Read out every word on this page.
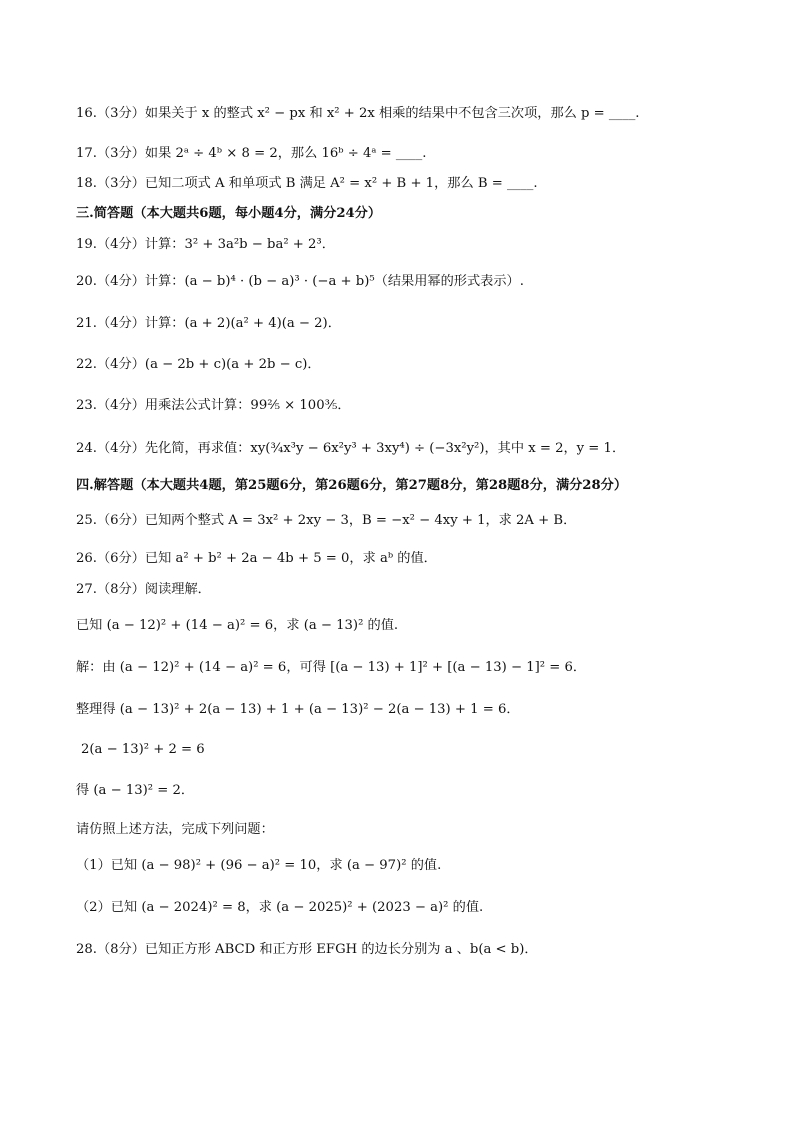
16.（3分）如果关于 x 的整式 x² − px 和 x² + 2x 相乘的结果中不包含三次项，那么 p = ____.
17.（3分）如果 2ᵃ ÷ 4ᵇ × 8 = 2，那么 16ᵇ ÷ 4ᵃ = ____.
18.（3分）已知二项式 A 和单项式 B 满足 A² = x² + B + 1，那么 B = ____.
三.简答题（本大题共6题，每小题4分，满分24分）
19.（4分）计算：3² + 3a²b − ba² + 2³．
20.（4分）计算：(a − b)⁴ · (b − a)³ · (−a + b)⁵（结果用幂的形式表示）.
21.（4分）计算：(a + 2)(a² + 4)(a − 2)．
22.（4分）(a − 2b + c)(a + 2b − c)．
23.（4分）用乘法公式计算：99⅖ × 100⅗．
24.（4分）先化简，再求值：xy(¾x³y − 6x²y³ + 3xy⁴) ÷ (−3x²y²)，其中 x = 2，y = 1．
四.解答题（本大题共4题，第25题6分，第26题6分，第27题8分，第28题8分，满分28分）
25.（6分）已知两个整式 A = 3x² + 2xy − 3，B = −x² − 4xy + 1，求 2A + B．
26.（6分）已知 a² + b² + 2a − 4b + 5 = 0，求 aᵇ 的值．
27.（8分）阅读理解．
已知 (a − 12)² + (14 − a)² = 6，求 (a − 13)² 的值.
解：由 (a − 12)² + (14 − a)² = 6，可得 [(a − 13) + 1]² + [(a − 13) − 1]² = 6．
整理得 (a − 13)² + 2(a − 13) + 1 + (a − 13)² − 2(a − 13) + 1 = 6．
2(a − 13)² + 2 = 6
得 (a − 13)² = 2．
请仿照上述方法，完成下列问题：
（1）已知 (a − 98)² + (96 − a)² = 10，求 (a − 97)² 的值.
（2）已知 (a − 2024)² = 8，求 (a − 2025)² + (2023 − a)² 的值.
28.（8分）已知正方形 ABCD 和正方形 EFGH 的边长分别为 a 、b(a < b)．
